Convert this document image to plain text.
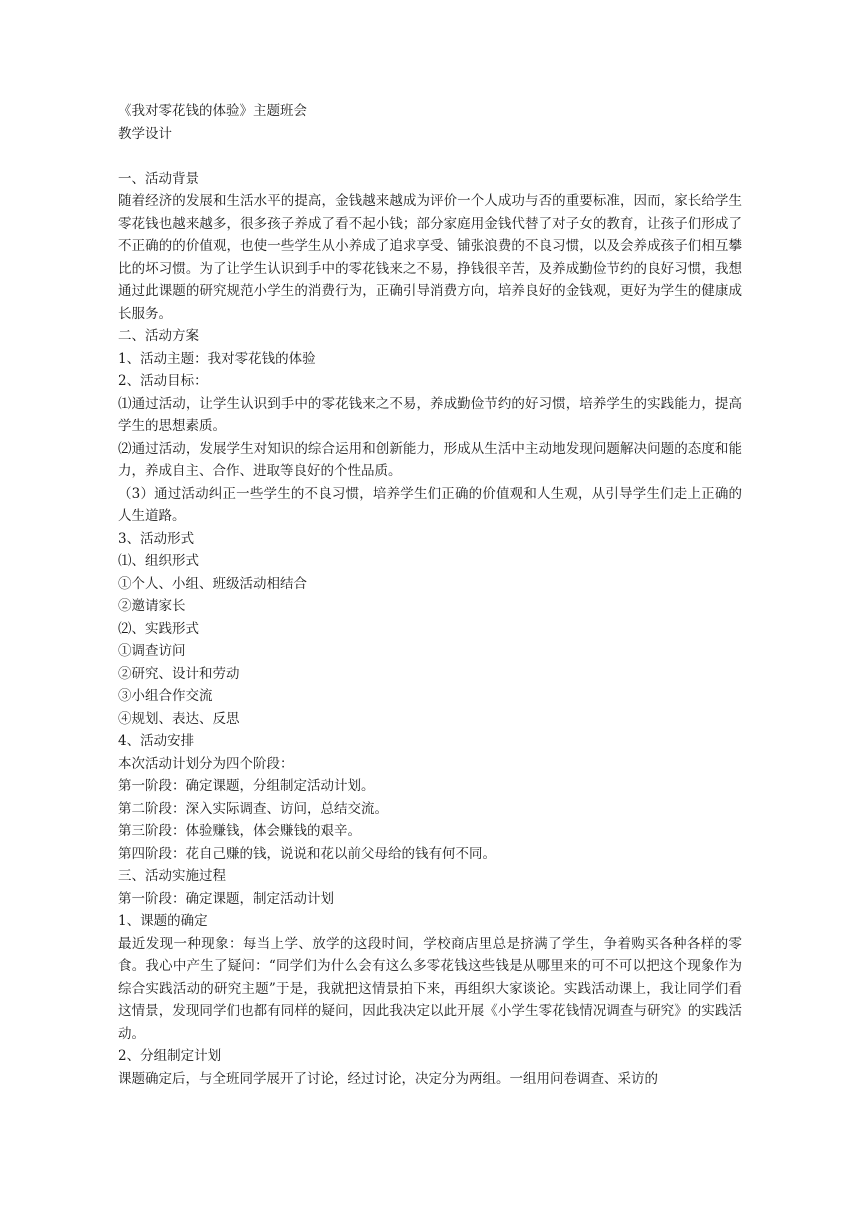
《我对零花钱的体验》主题班会
教学设计
一、活动背景
随着经济的发展和生活水平的提高，金钱越来越成为评价一个人成功与否的重要标准，因而，家长给学生零花钱也越来越多，很多孩子养成了看不起小钱；部分家庭用金钱代替了对子女的教育，让孩子们形成了不正确的的价值观，也使一些学生从小养成了追求享受、铺张浪费的不良习惯，以及会养成孩子们相互攀比的坏习惯。为了让学生认识到手中的零花钱来之不易，挣钱很辛苦，及养成勤俭节约的良好习惯，我想通过此课题的研究规范小学生的消费行为，正确引导消费方向，培养良好的金钱观，更好为学生的健康成长服务。
二、活动方案
1、活动主题：我对零花钱的体验
2、活动目标：
⑴通过活动，让学生认识到手中的零花钱来之不易，养成勤俭节约的好习惯，培养学生的实践能力，提高学生的思想素质。
⑵通过活动，发展学生对知识的综合运用和创新能力，形成从生活中主动地发现问题解决问题的态度和能力，养成自主、合作、进取等良好的个性品质。
（3）通过活动纠正一些学生的不良习惯，培养学生们正确的价值观和人生观，从引导学生们走上正确的人生道路。
3、活动形式
⑴、组织形式
①个人、小组、班级活动相结合
②邀请家长
⑵、实践形式
①调查访问
②研究、设计和劳动
③小组合作交流
④规划、表达、反思
4、活动安排
本次活动计划分为四个阶段：
第一阶段：确定课题，分组制定活动计划。
第二阶段：深入实际调查、访问，总结交流。
第三阶段：体验赚钱，体会赚钱的艰辛。
第四阶段：花自己赚的钱，说说和花以前父母给的钱有何不同。
三、活动实施过程
第一阶段：确定课题，制定活动计划
1、课题的确定
最近发现一种现象：每当上学、放学的这段时间，学校商店里总是挤满了学生，争着购买各种各样的零食。我心中产生了疑问：“同学们为什么会有这么多零花钱这些钱是从哪里来的可不可以把这个现象作为综合实践活动的研究主题”于是，我就把这情景拍下来，再组织大家谈论。实践活动课上，我让同学们看这情景，发现同学们也都有同样的疑问，因此我决定以此开展《小学生零花钱情况调查与研究》的实践活动。
2、分组制定计划
课题确定后，与全班同学展开了讨论，经过讨论，决定分为两组。一组用问卷调查、采访的
